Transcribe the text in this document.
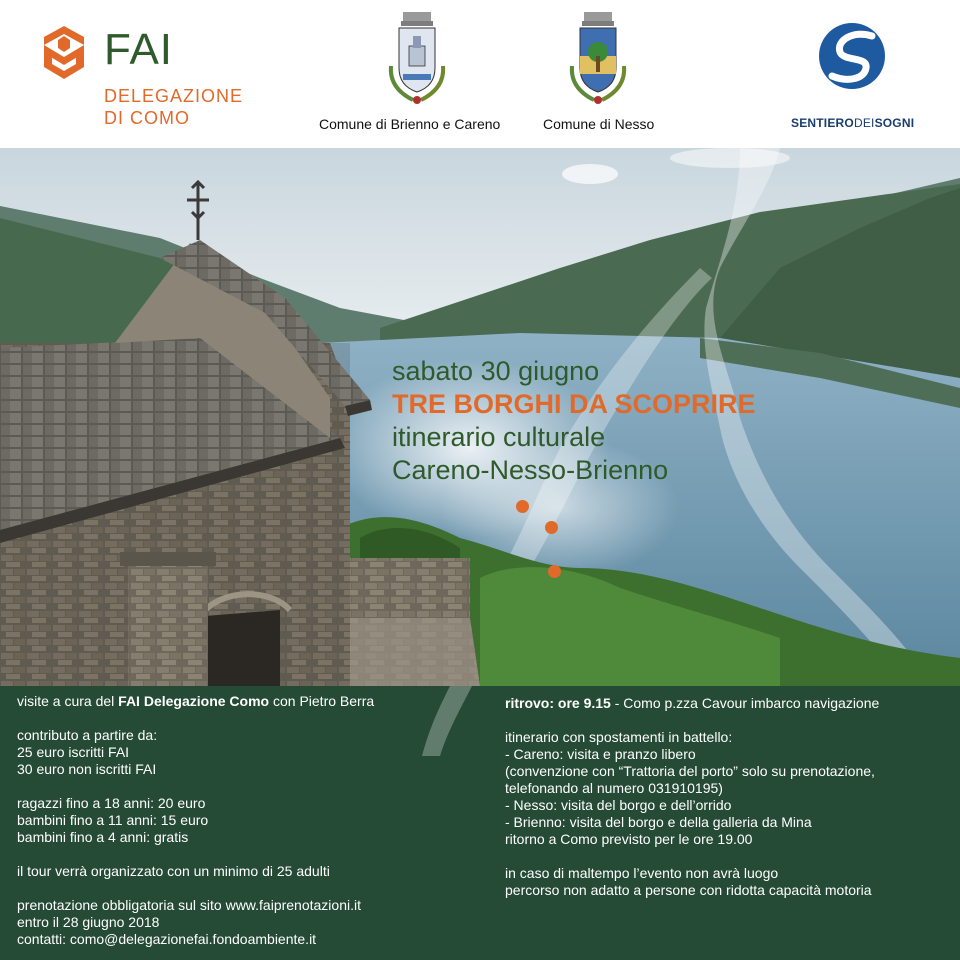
FAI
DELEGAZIONE
DI COMO	Comune di Brienno e Careno	Comune di Nesso	SENTIERODEISOGNI
sabato 30 giugno
TRE BORGHI DA SCOPRIRE
itinerario culturale
Careno-Nesso-Brienno
visite a cura del FAI Delegazione Como con Pietro Berra
contributo a partire da:
25 euro iscritti FAI
30 euro non iscritti FAI
ragazzi fino a 18 anni: 20 euro
bambini fino a 11 anni: 15 euro
bambini fino a 4 anni: gratis
il tour verrà organizzato con un minimo di 25 adulti
prenotazione obbligatoria sul sito www.faiprenotazioni.it
entro il 28 giugno 2018
contatti: como@delegazionefai.fondoambiente.it
ritrovo: ore 9.15 - Como p.zza Cavour imbarco navigazione
itinerario con spostamenti in battello:
- Careno: visita e pranzo libero
(convenzione con “Trattoria del porto” solo su prenotazione,
telefonando al numero 031910195)
- Nesso: visita del borgo e dell’orrido
- Brienno: visita del borgo e della galleria da Mina
ritorno a Como previsto per le ore 19.00
in caso di maltempo l’evento non avrà luogo
percorso non adatto a persone con ridotta capacità motoria
